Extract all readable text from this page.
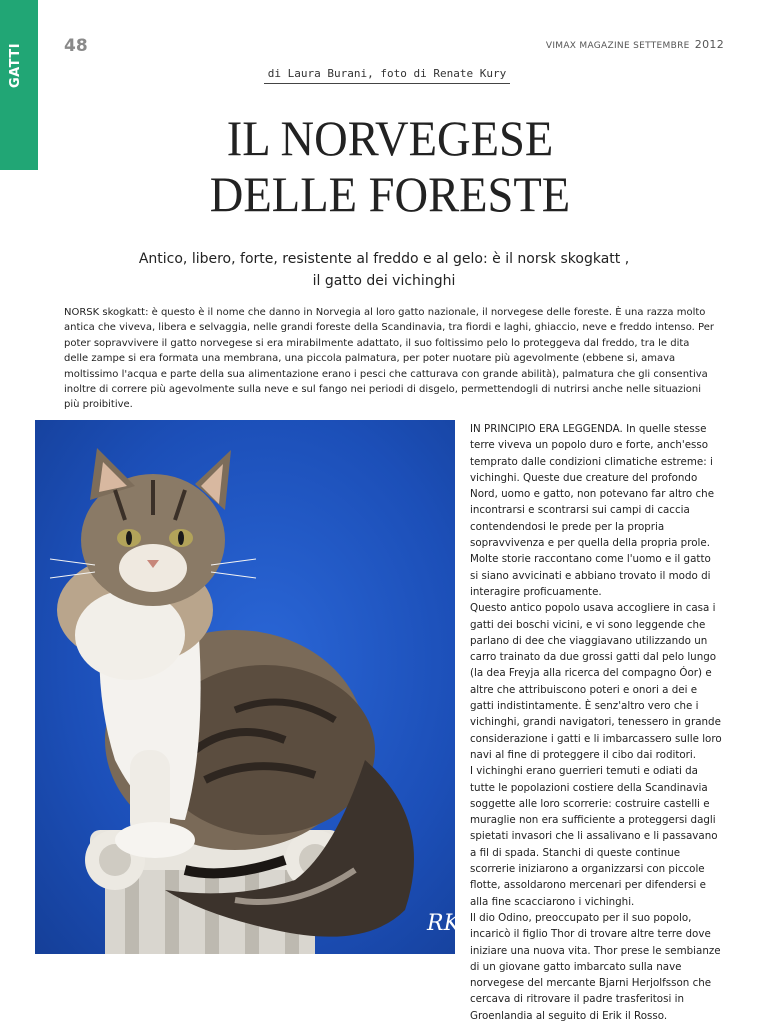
GATTI 48	VIMAX MAGAZINE SETTEMBRE 2012
di Laura Burani, foto di Renate Kury
IL NORVEGESE
DELLE FORESTE

Antico, libero, forte, resistente al freddo e al gelo: è il norsk skogkatt ,
il gatto dei vichinghi

NORSK skogkatt: è questo è il nome che danno in Norvegia al loro gatto nazionale, il norvegese delle foreste. È una razza molto antica che viveva, libera e selvaggia, nelle grandi foreste della Scandinavia, tra fiordi e laghi, ghiaccio, neve e freddo intenso. Per poter sopravvivere il gatto norvegese si era mirabilmente adattato, il suo foltissimo pelo lo proteggeva dal freddo, tra le dita delle zampe si era formata una membrana, una piccola palmatura, per poter nuotare più agevolmente (ebbene si, amava moltissimo l'acqua e parte della sua alimentazione erano i pesci che catturava con grande abilità), palmatura che gli consentiva inoltre di correre più agevolmente sulla neve e sul fango nei periodi di disgelo, permettendogli di nutrirsi anche nelle situazioni più proibitive.

RK

IN PRINCIPIO ERA LEGGENDA. In quelle stesse terre viveva un popolo duro e forte, anch'esso temprato dalle condizioni climatiche estreme: i vichinghi. Queste due creature del profondo Nord, uomo e gatto, non potevano far altro che incontrarsi e scontrarsi sui campi di caccia contendendosi le prede per la propria sopravvivenza e per quella della propria prole. Molte storie raccontano come l'uomo e il gatto si siano avvicinati e abbiano trovato il modo di interagire proficuamente.

Questo antico popolo usava accogliere in casa i gatti dei boschi vicini, e vi sono leggende che parlano di dee che viaggiavano utilizzando un carro trainato da due grossi gatti dal pelo lungo (la dea Freyja alla ricerca del compagno Óor) e altre che attribuiscono poteri e onori a dei e gatti indistintamente. È senz'altro vero che i vichinghi, grandi navigatori, tenessero in grande considerazione i gatti e li imbarcassero sulle loro navi al fine di proteggere il cibo dai roditori.

I vichinghi erano guerrieri temuti e odiati da tutte le popolazioni costiere della Scandinavia soggette alle loro scorrerie: costruire castelli e muraglie non era sufficiente a proteggersi dagli spietati invasori che li assalivano e li passavano a fil di spada. Stanchi di queste continue scorrerie iniziarono a organizzarsi con piccole flotte, assoldarono mercenari per difendersi e alla fine scacciarono i vichinghi.

Il dio Odino, preoccupato per il suo popolo, incaricò il figlio Thor di trovare altre terre dove iniziare una nuova vita. Thor prese le sembianze di un giovane gatto imbarcato sulla nave norvegese del mercante Bjarni Herjolfsson che cercava di ritrovare il padre trasferitosi in Groenlandia al seguito di Erik il Rosso.
